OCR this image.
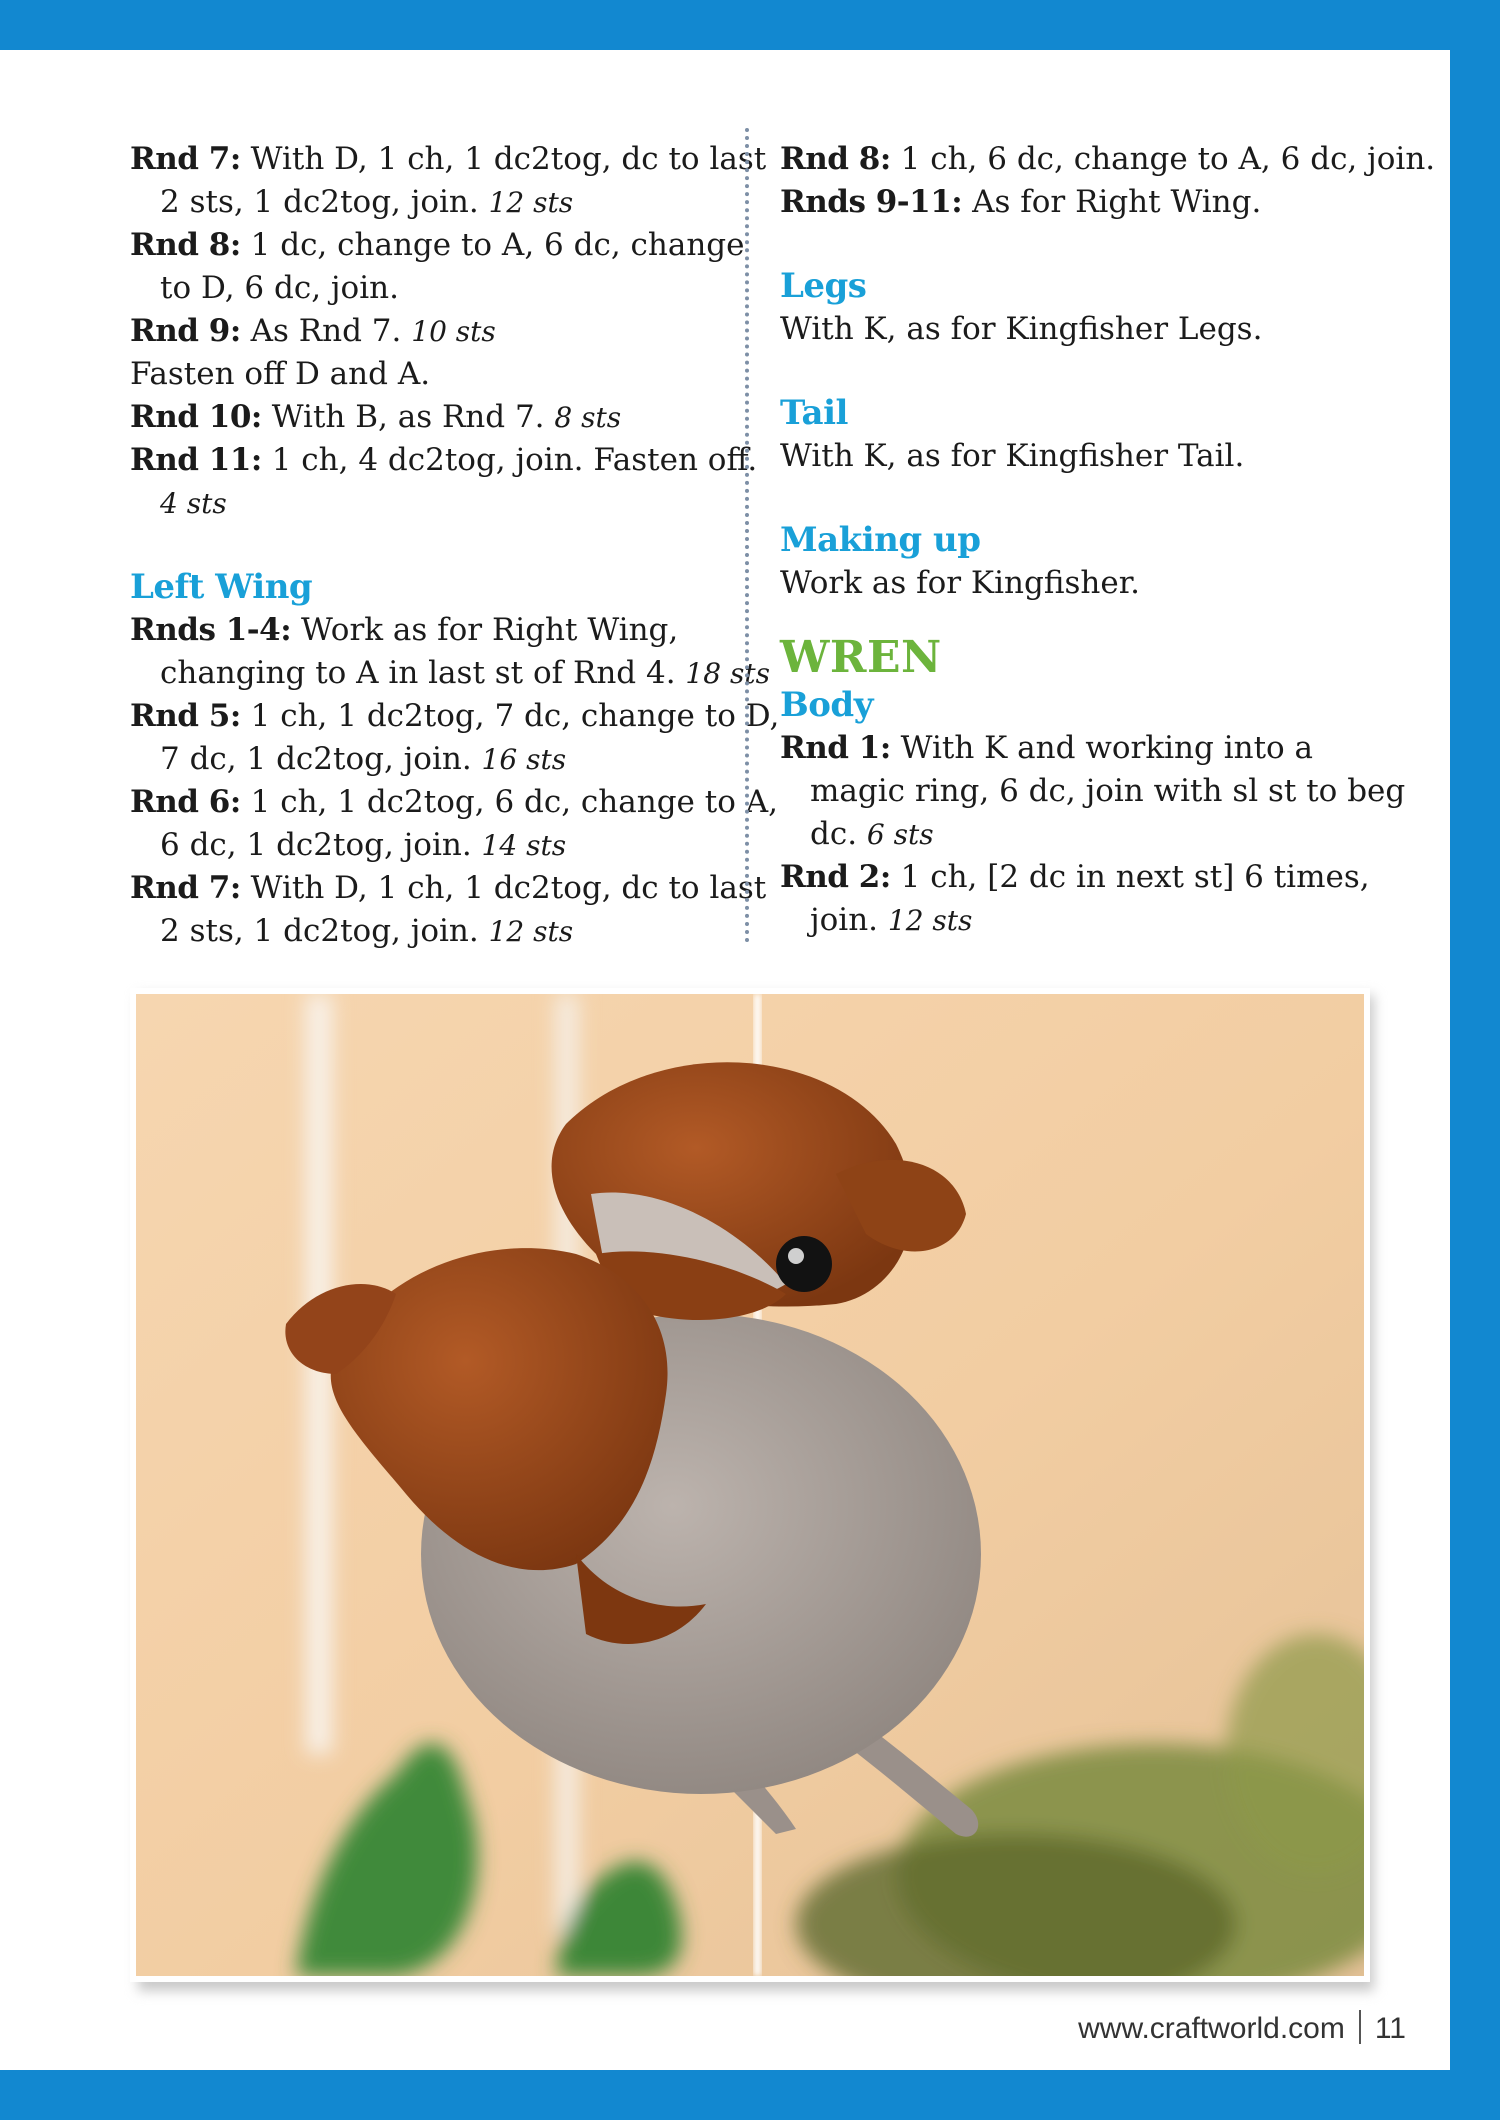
Rnd 7: With D, 1 ch, 1 dc2tog, dc to last
2 sts, 1 dc2tog, join. 12 sts
Rnd 8: 1 dc, change to A, 6 dc, change
to D, 6 dc, join.
Rnd 9: As Rnd 7. 10 sts
Fasten off D and A.
Rnd 10: With B, as Rnd 7. 8 sts
Rnd 11: 1 ch, 4 dc2tog, join. Fasten off.
4 sts
Left Wing
Rnds 1-4: Work as for Right Wing,
changing to A in last st of Rnd 4. 18 sts
Rnd 5: 1 ch, 1 dc2tog, 7 dc, change to D,
7 dc, 1 dc2tog, join. 16 sts
Rnd 6: 1 ch, 1 dc2tog, 6 dc, change to A,
6 dc, 1 dc2tog, join. 14 sts
Rnd 7: With D, 1 ch, 1 dc2tog, dc to last
2 sts, 1 dc2tog, join. 12 sts
Rnd 8: 1 ch, 6 dc, change to A, 6 dc, join.
Rnds 9-11: As for Right Wing.
Legs
With K, as for Kingfisher Legs.
Tail
With K, as for Kingfisher Tail.
Making up
Work as for Kingfisher.
WREN
Body
Rnd 1: With K and working into a
magic ring, 6 dc, join with sl st to beg
dc. 6 sts
Rnd 2: 1 ch, [2 dc in next st] 6 times,
join. 12 sts
www.craftworld.com 11
